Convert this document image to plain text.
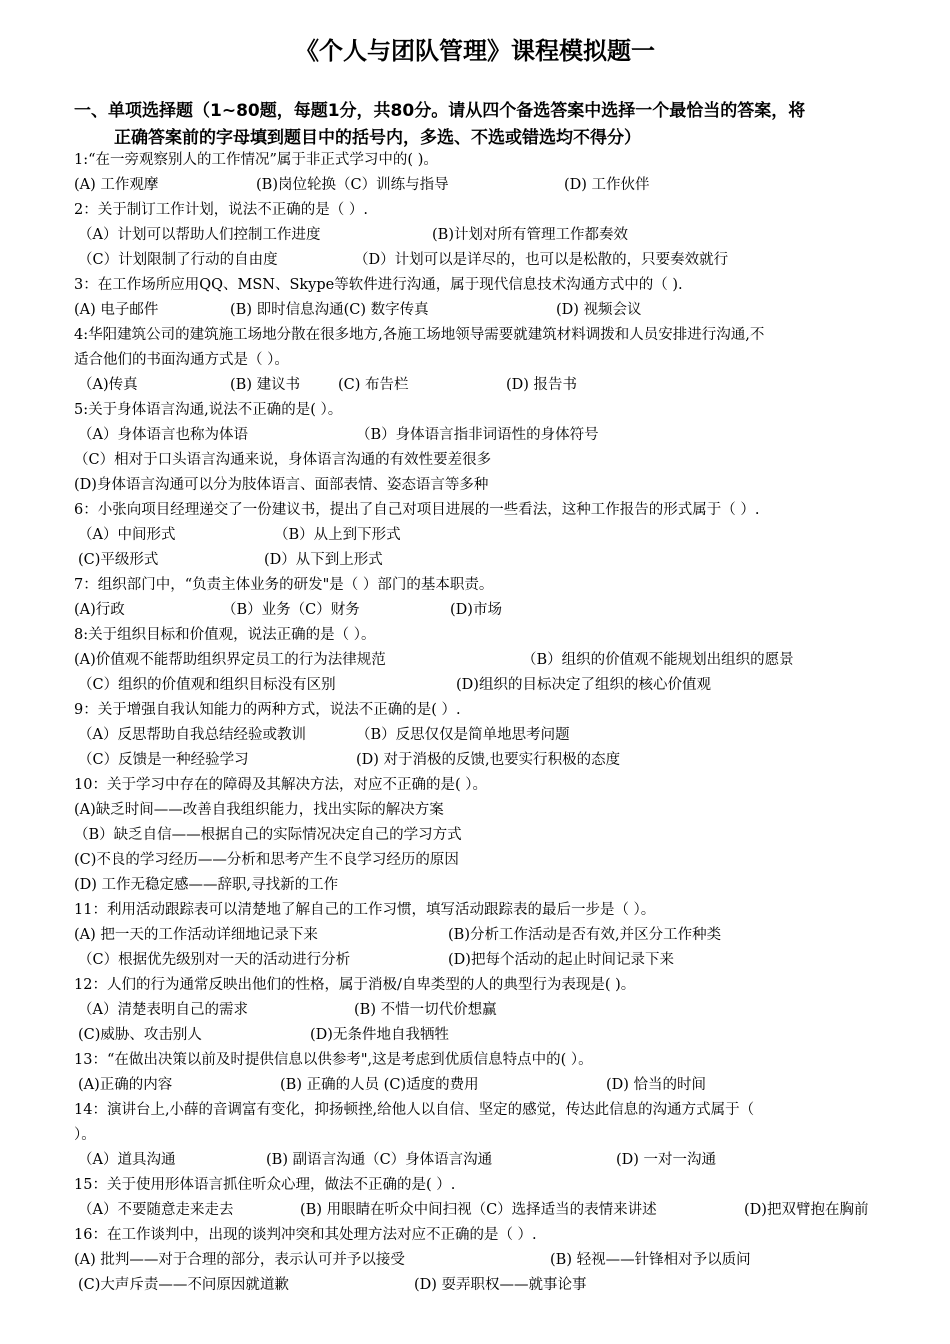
《个人与团队管理》课程模拟题一
一、单项选择题（1~80题，每题1分，共80分。请从四个备选答案中选择一个最恰当的答案，将
正确答案前的字母填到题目中的括号内，多选、不选或错选均不得分）
1:“在一旁观察别人的工作情况”属于非正式学习中的( )。
(A) 工作观摩	(B)岗位轮换（C）训练与指导	(D) 工作伙伴
2：关于制订工作计划，说法不正确的是（ ）.
（A）计划可以帮助人们控制工作进度	(B)计划对所有管理工作都奏效
（C）计划限制了行动的自由度	（D）计划可以是详尽的，也可以是松散的，只要奏效就行
3：在工作场所应用QQ、MSN、Skype等软件进行沟通，属于现代信息技术沟通方式中的（ ).
(A) 电子邮件	(B) 即时信息沟通(C) 数字传真	(D) 视频会议
4:华阳建筑公司的建筑施工场地分散在很多地方,各施工场地领导需要就建筑材料调拨和人员安排进行沟通,不
适合他们的书面沟通方式是（ ）。
（A)传真	(B) 建议书	(C) 布告栏	(D) 报告书
5:关于身体语言沟通,说法不正确的是( ）。
（A）身体语言也称为体语	（B）身体语言指非词语性的身体符号
（C）相对于口头语言沟通来说，身体语言沟通的有效性要差很多
(D)身体语言沟通可以分为肢体语言、面部表情、姿态语言等多种
6：小张向项目经理递交了一份建议书，提出了自己对项目进展的一些看法，这种工作报告的形式属于（ ）.
（A）中间形式	（B）从上到下形式
(C)平级形式	(D）从下到上形式
7：组织部门中，“负责主体业务的研发"是（ ）部门的基本职责。
(A)行政	（B）业务（C）财务	(D)市场
8:关于组织目标和价值观，说法正确的是（ ）。
(A)价值观不能帮助组织界定员工的行为法律规范	（B）组织的价值观不能规划出组织的愿景
（C）组织的价值观和组织目标没有区别	(D)组织的目标决定了组织的核心价值观
9：关于增强自我认知能力的两种方式，说法不正确的是( ）.
（A）反思帮助自我总结经验或教训	（B）反思仅仅是简单地思考问题
（C）反馈是一种经验学习	(D) 对于消极的反馈,也要实行积极的态度
10：关于学习中存在的障碍及其解决方法，对应不正确的是( ）。
(A)缺乏时间——改善自我组织能力，找出实际的解决方案
（B）缺乏自信——根据自己的实际情况决定自己的学习方式
(C)不良的学习经历——分析和思考产生不良学习经历的原因
(D) 工作无稳定感——辞职,寻找新的工作
11：利用活动跟踪表可以清楚地了解自己的工作习惯，填写活动跟踪表的最后一步是（ ）。
(A) 把一天的工作活动详细地记录下来	(B)分析工作活动是否有效,并区分工作种类
（C）根据优先级别对一天的活动进行分析	(D)把每个活动的起止时间记录下来
12：人们的行为通常反映出他们的性格，属于消极/自卑类型的人的典型行为表现是( )。
（A）清楚表明自己的需求	(B) 不惜一切代价想赢
(C)威胁、攻击别人	(D)无条件地自我牺牲
13：“在做出决策以前及时提供信息以供参考",这是考虑到优质信息特点中的( ）。
(A)正确的内容	(B) 正确的人员 (C)适度的费用	(D) 恰当的时间
14：演讲台上,小薛的音调富有变化，抑扬顿挫,给他人以自信、坚定的感觉，传达此信息的沟通方式属于（
）。
（A）道具沟通	(B) 副语言沟通（C）身体语言沟通	(D) 一对一沟通
15：关于使用形体语言抓住听众心理，做法不正确的是( ）.
（A）不要随意走来走去	(B) 用眼睛在听众中间扫视（C）选择适当的表情来讲述	(D)把双臂抱在胸前
16：在工作谈判中，出现的谈判冲突和其处理方法对应不正确的是（ ）.
(A) 批判——对于合理的部分，表示认可并予以接受	(B) 轻视——针锋相对予以质问
(C)大声斥责——不问原因就道歉	(D) 耍弄职权——就事论事
